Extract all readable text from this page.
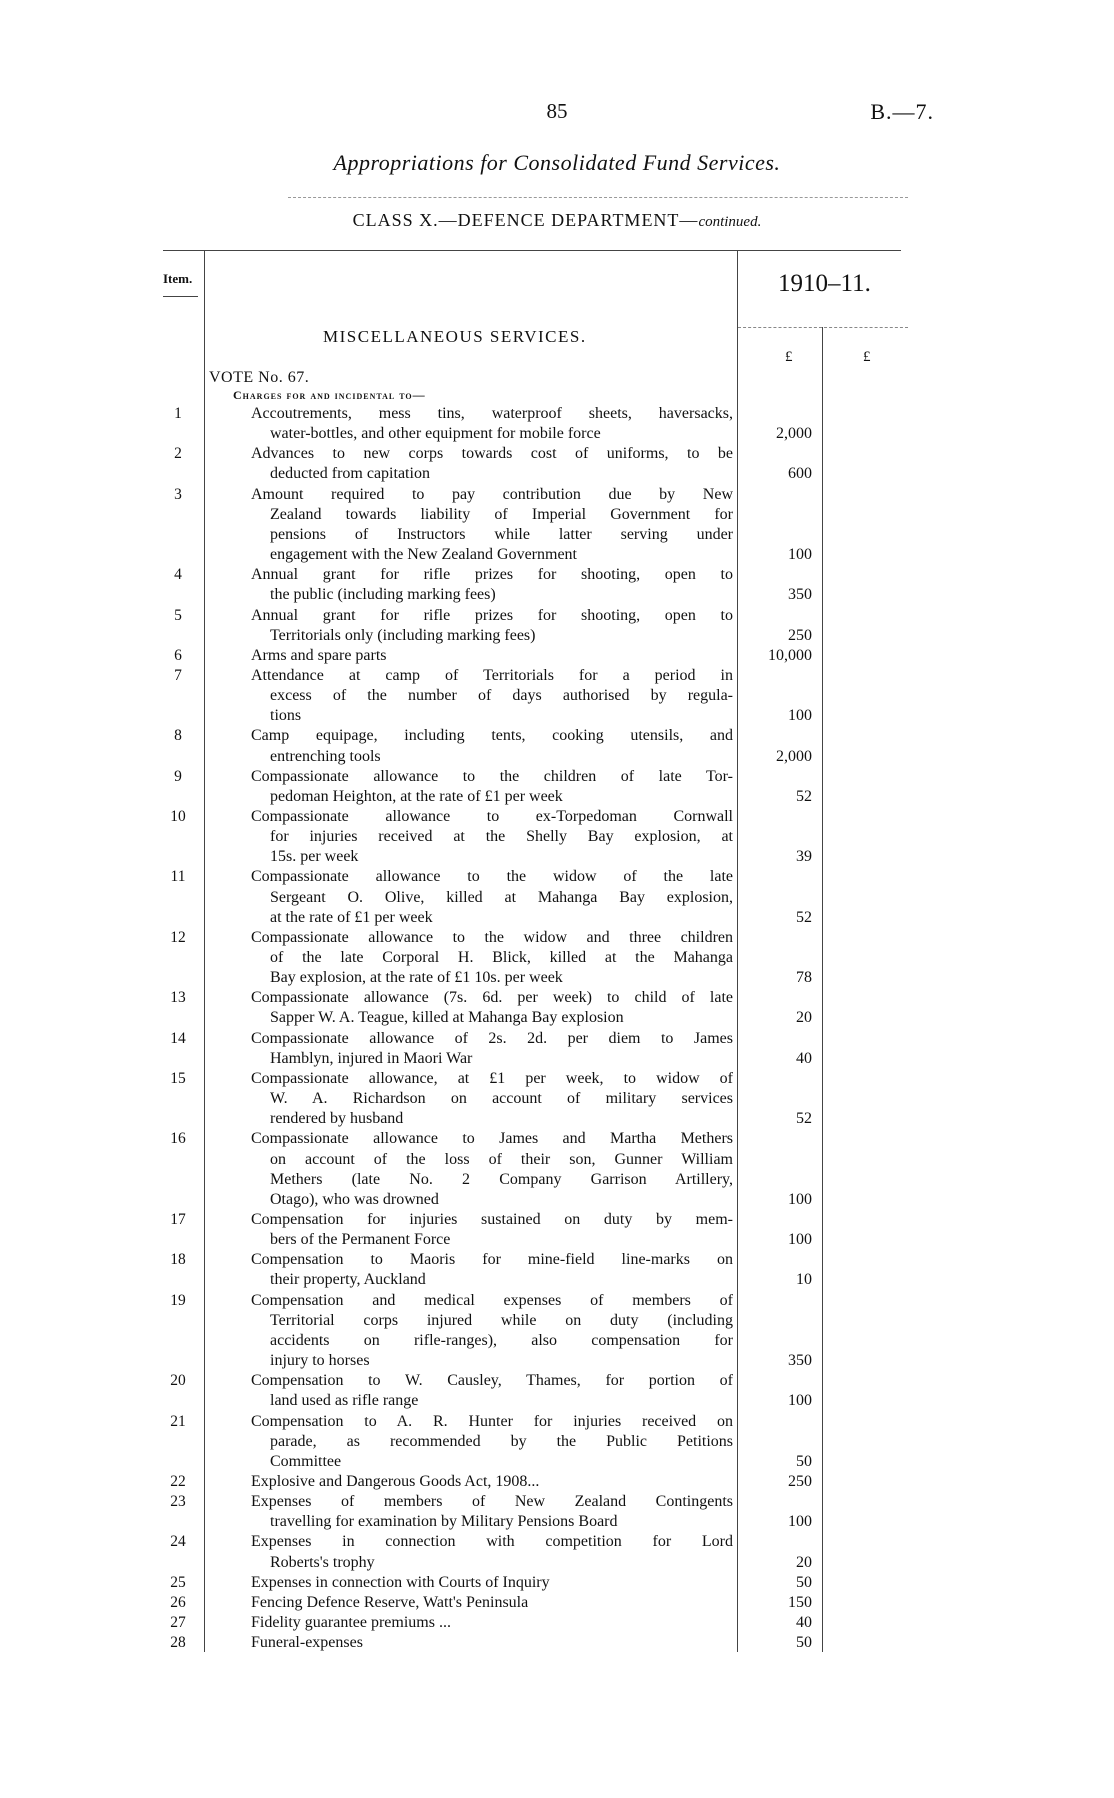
85	B.—7.
Appropriations for Consolidated Fund Services.
CLASS X.—DEFENCE DEPARTMENT—continued.
Item.	1910–11.
MISCELLANEOUS SERVICES.
£	£
VOTE No. 67.
Charges for and incidental to—
1	Accoutrements, mess tins, waterproof sheets, haversacks,
water-bottles, and other equipment for mobile force	2,000
2	Advances to new corps towards cost of uniforms, to be
deducted from capitation	600
3	Amount required to pay contribution due by New
Zealand towards liability of Imperial Government for
pensions of Instructors while latter serving under
engagement with the New Zealand Government	100
4	Annual grant for rifle prizes for shooting, open to
the public (including marking fees)	350
5	Annual grant for rifle prizes for shooting, open to
Territorials only (including marking fees)	250
6	Arms and spare parts	10,000
7	Attendance at camp of Territorials for a period in
excess of the number of days authorised by regula-
tions	100
8	Camp equipage, including tents, cooking utensils, and
entrenching tools	2,000
9	Compassionate allowance to the children of late Tor-
pedoman Heighton, at the rate of £1 per week	52
10	Compassionate allowance to ex-Torpedoman Cornwall
for injuries received at the Shelly Bay explosion, at
15s. per week	39
11	Compassionate allowance to the widow of the late
Sergeant O. Olive, killed at Mahanga Bay explosion,
at the rate of £1 per week	52
12	Compassionate allowance to the widow and three children
of the late Corporal H. Blick, killed at the Mahanga
Bay explosion, at the rate of £1 10s. per week	78
13	Compassionate allowance (7s. 6d. per week) to child of late
Sapper W. A. Teague, killed at Mahanga Bay explosion	20
14	Compassionate allowance of 2s. 2d. per diem to James
Hamblyn, injured in Maori War	40
15	Compassionate allowance, at £1 per week, to widow of
W. A. Richardson on account of military services
rendered by husband	52
16	Compassionate allowance to James and Martha Methers
on account of the loss of their son, Gunner William
Methers (late No. 2 Company Garrison Artillery,
Otago), who was drowned	100
17	Compensation for injuries sustained on duty by mem-
bers of the Permanent Force	100
18	Compensation to Maoris for mine-field line-marks on
their property, Auckland	10
19	Compensation and medical expenses of members of
Territorial corps injured while on duty (including
accidents on rifle-ranges), also compensation for
injury to horses	350
20	Compensation to W. Causley, Thames, for portion of
land used as rifle range	100
21	Compensation to A. R. Hunter for injuries received on
parade, as recommended by the Public Petitions
Committee	50
22	Explosive and Dangerous Goods Act, 1908...	250
23	Expenses of members of New Zealand Contingents
travelling for examination by Military Pensions Board	100
24	Expenses in connection with competition for Lord
Roberts's trophy	20
25	Expenses in connection with Courts of Inquiry	50
26	Fencing Defence Reserve, Watt's Peninsula	150
27	Fidelity guarantee premiums ...	40
28	Funeral-expenses	50
